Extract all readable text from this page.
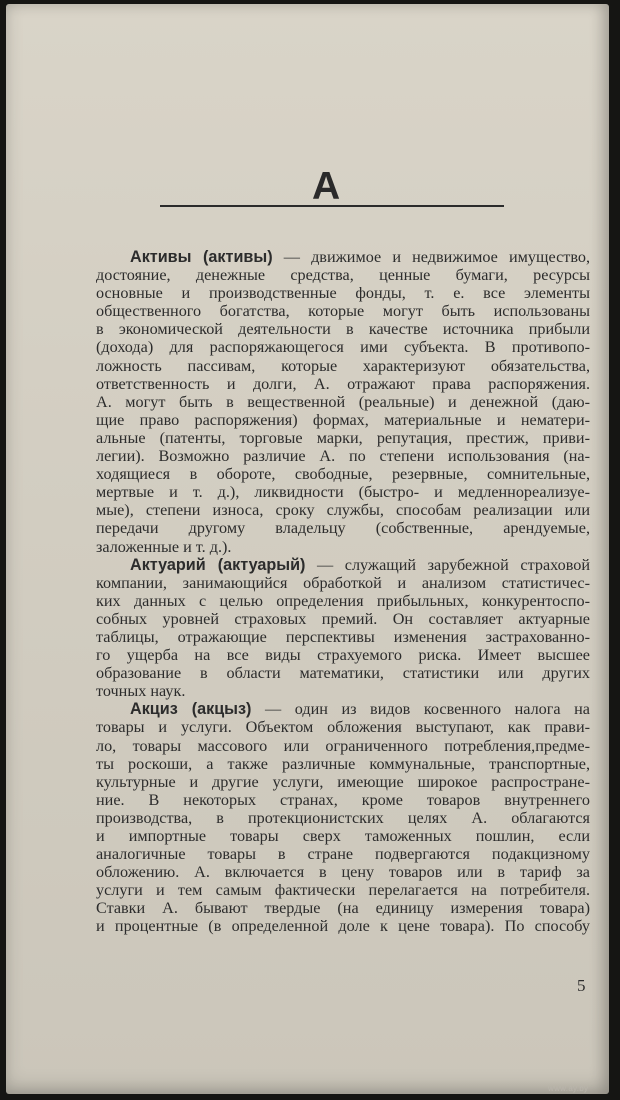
А

Активы (активы) — движимое и недвижимое имущество,

достояние, денежные средства, ценные бумаги, ресурсы

основные и производственные фонды, т. е. все элементы

общественного богатства, которые могут быть использованы

в экономической деятельности в качестве источника прибыли

(дохода) для распоряжающегося ими субъекта. В противопо-

ложность пассивам, которые характеризуют обязательства,

ответственность и долги, А. отражают права распоряжения.

А. могут быть в вещественной (реальные) и денежной (даю-

щие право распоряжения) формах, материальные и нематери-

альные (патенты, торговые марки, репутация, престиж, приви-

легии). Возможно различие А. по степени использования (на-

ходящиеся в обороте, свободные, резервные, сомнительные,

мертвые и т. д.), ликвидности (быстро- и медленнореализуе-

мые), степени износа, сроку службы, способам реализации или

передачи другому владельцу (собственные, арендуемые,

заложенные и т. д.).

Актуарий (актуарый) — служащий зарубежной страховой

компании, занимающийся обработкой и анализом статистичес-

ких данных с целью определения прибыльных, конкурентоспо-

собных уровней страховых премий. Он составляет актуарные

таблицы, отражающие перспективы изменения застрахованно-

го ущерба на все виды страхуемого риска. Имеет высшее

образование в области математики, статистики или других

точных наук.

Акциз (акцыз) — один из видов косвенного налога на

товары и услуги. Объектом обложения выступают, как прави-

ло, товары массового или ограниченного потребления,предме-

ты роскоши, а также различные коммунальные, транспортные,

культурные и другие услуги, имеющие широкое распростране-

ние. В некоторых странах, кроме товаров внутреннего

производства, в протекционистских целях А. облагаются

и импортные товары сверх таможенных пошлин, если

аналогичные товары в стране подвергаются подакцизному

обложению. А. включается в цену товаров или в тариф за

услуги и тем самым фактически перелагается на потребителя.

Ставки А. бывают твердые (на единицу измерения товара)

и процентные (в определенной доле к цене товара). По способу

5
www.ay.by
